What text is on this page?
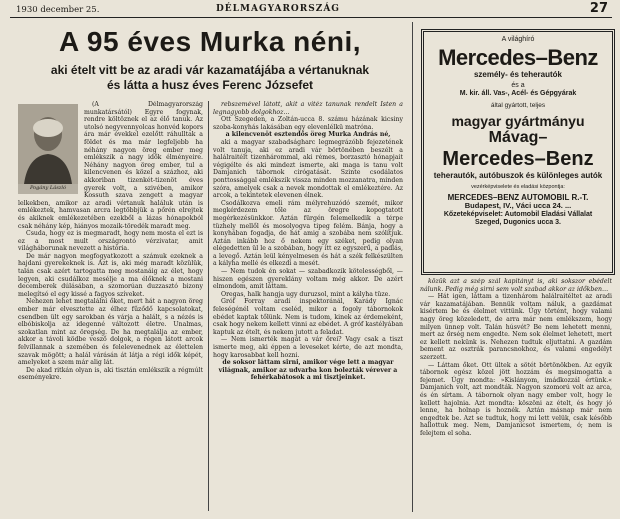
1930 december 25.	DÉLMAGYARORSZÁG	27
A 95 éves Murka néni,
aki ételt vitt be az aradi vár kazamatájába a vértanuknak
és látta a husz éves Ferenc Józsefet
Pogány László

(A Délmagyarország munkatársától) Egyre fogynak, rendre költöznek el az élő tanuk. Az utolsó negyvennyolcas honvéd kopors ára már évekkel ezelőtt ráhulltak a földet és ma már legfeljebb ha néhány nagyon öreg ember meg emlékszik a nagy idők élményeire. Néhány nagyon öreg ember, tul a kilencvenen és közel a százhoz, aki akkoriban tizenkét-tizenöt éves gyerek volt, a szivében, amikor Kossuth szava zengett a magyar lelkekben, amikor az aradi vértanuk haláluk után is emlékeztek, hamvasan arcra legtöbbjük a pőrén elrejtek és akiknek emlékezetében ezekből a lázas hónapokból csak néhány kép, hiányos mozaik-töredék maradt meg.

Csuda, hogy ez is megmaradt, hogy nem mosta el ezt is ez a most mult országrontó vérzivatar, amit világháborunak nevezett a história.

De már nagyon megfogyatkozott a számuk ezeknek a hajdani gyerekeknek is. Azt is, aki még maradt közülük, talán csak azért tartogatta meg mostanáig az élet, hogy legyen, aki csudálkoz mesélje a ma élőknek a mostani decemberek dúlásában, a szomorúan duzzasztó bizony melegítsó el egy kissé a fagyos szíveket.

Nehezen lehet megtalálni őket, mert hát a nagyon öreg ember már elvesztette az élhez fűződő kapcsolatokat, csendben ült egy sarokban és várja a halált, s a nézés is elbóbiskolja az idegenné változott életre. Unalmas, szokatlan mint az öregség. De ha megtalálja az ember, akkor a távoli ködbe vesző dolgok, a régen látott arcok felvillannak a szemében és felelevenednek az élettelen szavak mögött; a halál várásán át látja a régi idők képét, amelyeket a szem már alig lát.

De akad ritkán olyan is, aki tisztán emlékszik a régmúlt eseményekre.

rebszemével látott, akit a vitéz tanunak rendelt Isten a legnagyobb dolgokhoz…

Ott Szegeden, a Zoltán-ucca 8. számu házának kicsiny szoba-konyhás lakásában egy elevenlélkü matróna.

a kilencvenöt esztendős öreg Murka András né,

aki a magyar szabadságharc legmegrázóbb fejezetének volt tanuja, aki ez aradi vár börtönében beszélt a halálraitélt tizenhárommal, aki rémes, borzasztó hónapjait végigélte és aki mindezt ismerte, aki maga is tanu volt Damjanich tábornok cirógatását. Szinte csodálatos ponttossággal emlékszik vissza minden mozzanatra, minden szóra, amelyek csak a nevek mondottak el emlékeztére. Az arcok, a tekintetek elevenen élnek.

Csodálkozva emeli rám mélyrehuzódó szemét, mikor megkérdezem tőle az öregre kopogtatott megérkezésünkkor. Aztán fürgén felemelkedik a térpe tüzhely mellől és mosolyogva tipeg felém. Bánja, hogy a konyhában fogadja, de hát amig a szobába nem szólítjuk. Aztán inkább hoz ő nekem egy széket, pedig olyan elégedetten ül le a szobában, hogy itt ez egyszerű, a padlás, a levegő. Aztán leül kényelmesen és hát a szék felkészülten a kályha mellé és elkezdi a mesét.

— Nem tudok én sokat — szabadkozik kötelességből, — hiszen egészen gyereklány voltam még akkor. De azért elmondom, amit láttam.

Oregas, halk hangja ugy duruzsol, mint a kályha tüze.

Gróf Forray aradi inspektoránál, Karády Ignác feleségénél voltam cseléd, mikor a fogoly tábornokok ebédet kaptak tőlünk. Nem is tudom, kinek az érdemeként, csak hogy nekem kellett vinni az ebédet. A gróf kastélyában kaptuk az ételt, és nekem jutott a feladat.

— Nem ismerték magát a vár őrei? Vagy csak a tiszt ismerte meg, aki éppen a leveseket kérte, de azt mondta, hogy karosabbat kell hozni.

de soksor láttam sirni, amikor vége lett a magyar világnak, amikor az udvarba kon bolezták vérever a fehérkabátosok a mi tisztjeinket.

A világhíró
Mercedes–Benz
személy- és teherautók
és a
M. kir. áll. Vas-, Acél- és Gépgyárak
által gyártott, teljes
magyar gyártmányu
Mávag–
Mercedes–Benz
teherautók, autóbuszok és különleges autók
vezérképviselete és eladási központja:
MERCEDES–BENZ AUTOMOBIL R.-T.
Budapest, IV., Váci ucca 24. ...
Kőzeteképviselet: Automobil Eladási Vállalat
Szeged, Dugonics ucca 3.

közük azt a szép szál kapitányt is, aki sokszor ebédelt nálunk. Pedig még sirni sem volt szabad akkor az időkben…

— Hát igen, láttam a tizenhárom halálraitéltet az aradi vár kazamatájában. Bennük voltam náluk, a gazdámat kisértem be és élelmet vittünk. Úgy történt, hogy valami nagy öreg közeledett, de arra már nem emlékszem, hogy milyen ünnep volt. Talán húsvét? Be nem lehetett menni, mert az őrség nem engedte. Nem sok élelmet lehetett, mert ez kellett nekünk is. Nehezen tudtuk eljuttatni. A gazdám bement az osztrák parancsnokhoz, és valami engedélyt szerzett.

— Láttam őket. Ott ültek a sötét börtönökben. Az egyik tábornok egész közel jött hozzám és megsimogatta a fejemet. Úgy mondta: »Kislányom, imádkozzál értünk.« Damjanich volt, azt mondták. Nagyon szomorú volt az arca, és én sírtam. A tábornok olyan nagy ember volt, hogy le kellett hajolnia. Azt mondta: köszöni az ételt, és hogy jó lenne, ha holnap is hoznék. Aztán másnap már nem engedtek be. Azt se tudtuk, hogy mi lett velük, csak később hallottuk meg. Nem, Damjanicsot ismertem, ó; nem is felejtem el soha.
